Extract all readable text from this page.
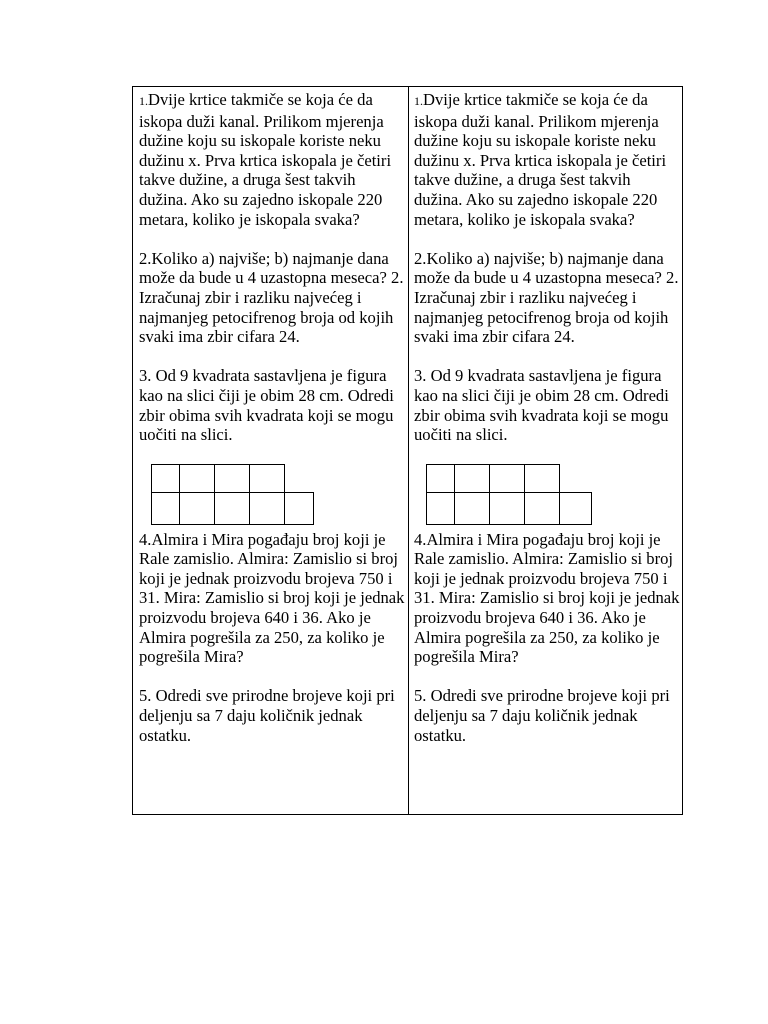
1.Dvije krtice takmiče se koja će da iskopa duži kanal. Prilikom mjerenja dužine koju su iskopale koriste neku dužinu x. Prva krtica iskopala je četiri takve dužine, a druga šest takvih dužina. Ako su zajedno iskopale 220 metara, koliko je iskopala svaka?

2.Koliko a) najviše; b) najmanje dana može da bude u 4 uzastopna meseca? 2. Izračunaj zbir i razliku najvećeg i najmanjeg petocifrenog broja od kojih svaki ima zbir cifara 24.

3. Od 9 kvadrata sastavljena je figura kao na slici čiji je obim 28 cm. Odredi zbir obima svih kvadrata koji se mogu uočiti na slici.

4.Almira i Mira pogađaju broj koji je Rale zamislio. Almira: Zamislio si broj koji je jednak proizvodu brojeva 750 i 31. Mira: Zamislio si broj koji je jednak proizvodu brojeva 640 i 36. Ako je Almira pogrešila za 250, za koliko je pogrešila Mira?

5. Odredi sve prirodne brojeve koji pri deljenju sa 7 daju količnik jednak ostatku.

1.Dvije krtice takmiče se koja će da iskopa duži kanal. Prilikom mjerenja dužine koju su iskopale koriste neku dužinu x. Prva krtica iskopala je četiri takve dužine, a druga šest takvih dužina. Ako su zajedno iskopale 220 metara, koliko je iskopala svaka?

2.Koliko a) najviše; b) najmanje dana može da bude u 4 uzastopna meseca? 2. Izračunaj zbir i razliku najvećeg i najmanjeg petocifrenog broja od kojih svaki ima zbir cifara 24.

3. Od 9 kvadrata sastavljena je figura kao na slici čiji je obim 28 cm. Odredi zbir obima svih kvadrata koji se mogu uočiti na slici.

4.Almira i Mira pogađaju broj koji je Rale zamislio. Almira: Zamislio si broj koji je jednak proizvodu brojeva 750 i 31. Mira: Zamislio si broj koji je jednak proizvodu brojeva 640 i 36. Ako je Almira pogrešila za 250, za koliko je pogrešila Mira?

5. Odredi sve prirodne brojeve koji pri deljenju sa 7 daju količnik jednak ostatku.
